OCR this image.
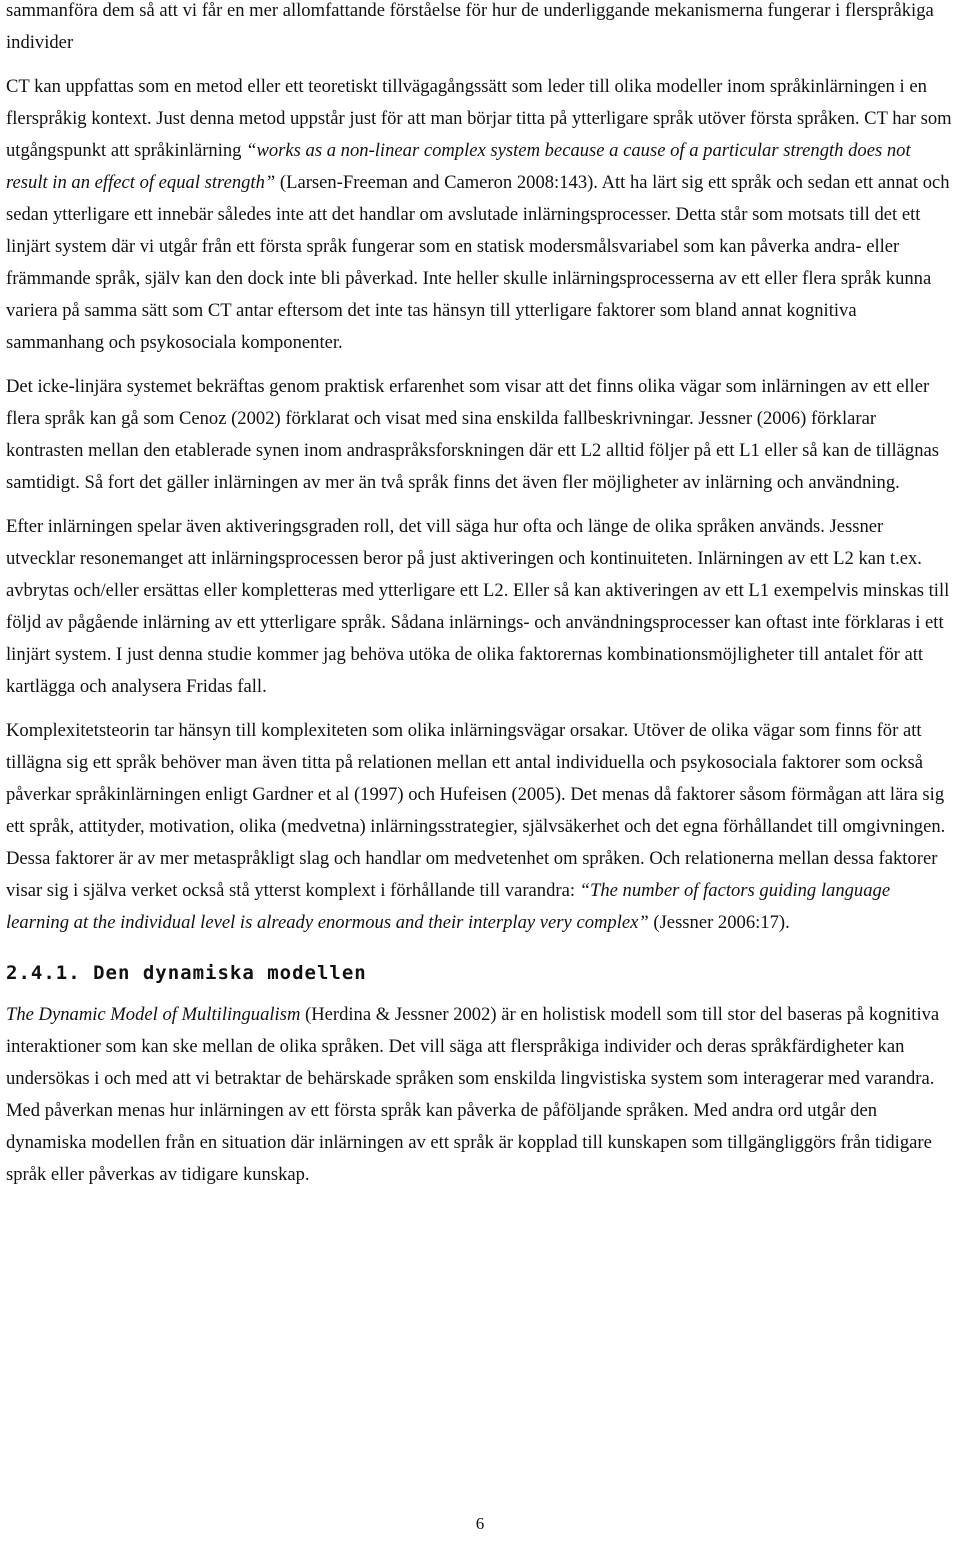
sammanföra dem så att vi får en mer allomfattande förståelse för hur de underliggande mekanismerna fungerar i flerspråkiga individer

CT kan uppfattas som en metod eller ett teoretiskt tillvägagångssätt som leder till olika modeller inom språkinlärningen i en flerspråkig kontext. Just denna metod uppstår just för att man börjar titta på ytterligare språk utöver första språken. CT har som utgångspunkt att språkinlärning “works as a non-linear complex system because a cause of a particular strength does not result in an effect of equal strength” (Larsen-Freeman and Cameron 2008:143). Att ha lärt sig ett språk och sedan ett annat och sedan ytterligare ett innebär således inte att det handlar om avslutade inlärningsprocesser. Detta står som motsats till det ett linjärt system där vi utgår från ett första språk fungerar som en statisk modersmålsvariabel som kan påverka andra- eller främmande språk, själv kan den dock inte bli påverkad. Inte heller skulle inlärningsprocesserna av ett eller flera språk kunna variera på samma sätt som CT antar eftersom det inte tas hänsyn till ytterligare faktorer som bland annat kognitiva sammanhang och psykosociala komponenter.

Det icke-linjära systemet bekräftas genom praktisk erfarenhet som visar att det finns olika vägar som inlärningen av ett eller flera språk kan gå som Cenoz (2002) förklarat och visat med sina enskilda fallbeskrivningar. Jessner (2006) förklarar kontrasten mellan den etablerade synen inom andraspråksforskningen där ett L2 alltid följer på ett L1 eller så kan de tillägnas samtidigt. Så fort det gäller inlärningen av mer än två språk finns det även fler möjligheter av inlärning och användning.

Efter inlärningen spelar även aktiveringsgraden roll, det vill säga hur ofta och länge de olika språken används. Jessner utvecklar resonemanget att inlärningsprocessen beror på just aktiveringen och kontinuiteten. Inlärningen av ett L2 kan t.ex. avbrytas och/eller ersättas eller kompletteras med ytterligare ett L2. Eller så kan aktiveringen av ett L1 exempelvis minskas till följd av pågående inlärning av ett ytterligare språk. Sådana inlärnings- och användningsprocesser kan oftast inte förklaras i ett linjärt system. I just denna studie kommer jag behöva utöka de olika faktorernas kombinationsmöjligheter till antalet för att kartlägga och analysera Fridas fall.

Komplexitetsteorin tar hänsyn till komplexiteten som olika inlärningsvägar orsakar. Utöver de olika vägar som finns för att tillägna sig ett språk behöver man även titta på relationen mellan ett antal individuella och psykosociala faktorer som också påverkar språkinlärningen enligt Gardner et al (1997) och Hufeisen (2005). Det menas då faktorer såsom förmågan att lära sig ett språk, attityder, motivation, olika (medvetna) inlärningsstrategier, självsäkerhet och det egna förhållandet till omgivningen. Dessa faktorer är av mer metaspråkligt slag och handlar om medvetenhet om språken. Och relationerna mellan dessa faktorer visar sig i själva verket också stå ytterst komplext i förhållande till varandra: “The number of factors guiding language learning at the individual level is already enormous and their interplay very complex” (Jessner 2006:17).

2.4.1. Den dynamiska modellen

The Dynamic Model of Multilingualism (Herdina & Jessner 2002) är en holistisk modell som till stor del baseras på kognitiva interaktioner som kan ske mellan de olika språken. Det vill säga att flerspråkiga individer och deras språkfärdigheter kan undersökas i och med att vi betraktar de behärskade språken som enskilda lingvistiska system som interagerar med varandra. Med påverkan menas hur inlärningen av ett första språk kan påverka de påföljande språken. Med andra ord utgår den dynamiska modellen från en situation där inlärningen av ett språk är kopplad till kunskapen som tillgängliggörs från tidigare språk eller påverkas av tidigare kunskap.

6
